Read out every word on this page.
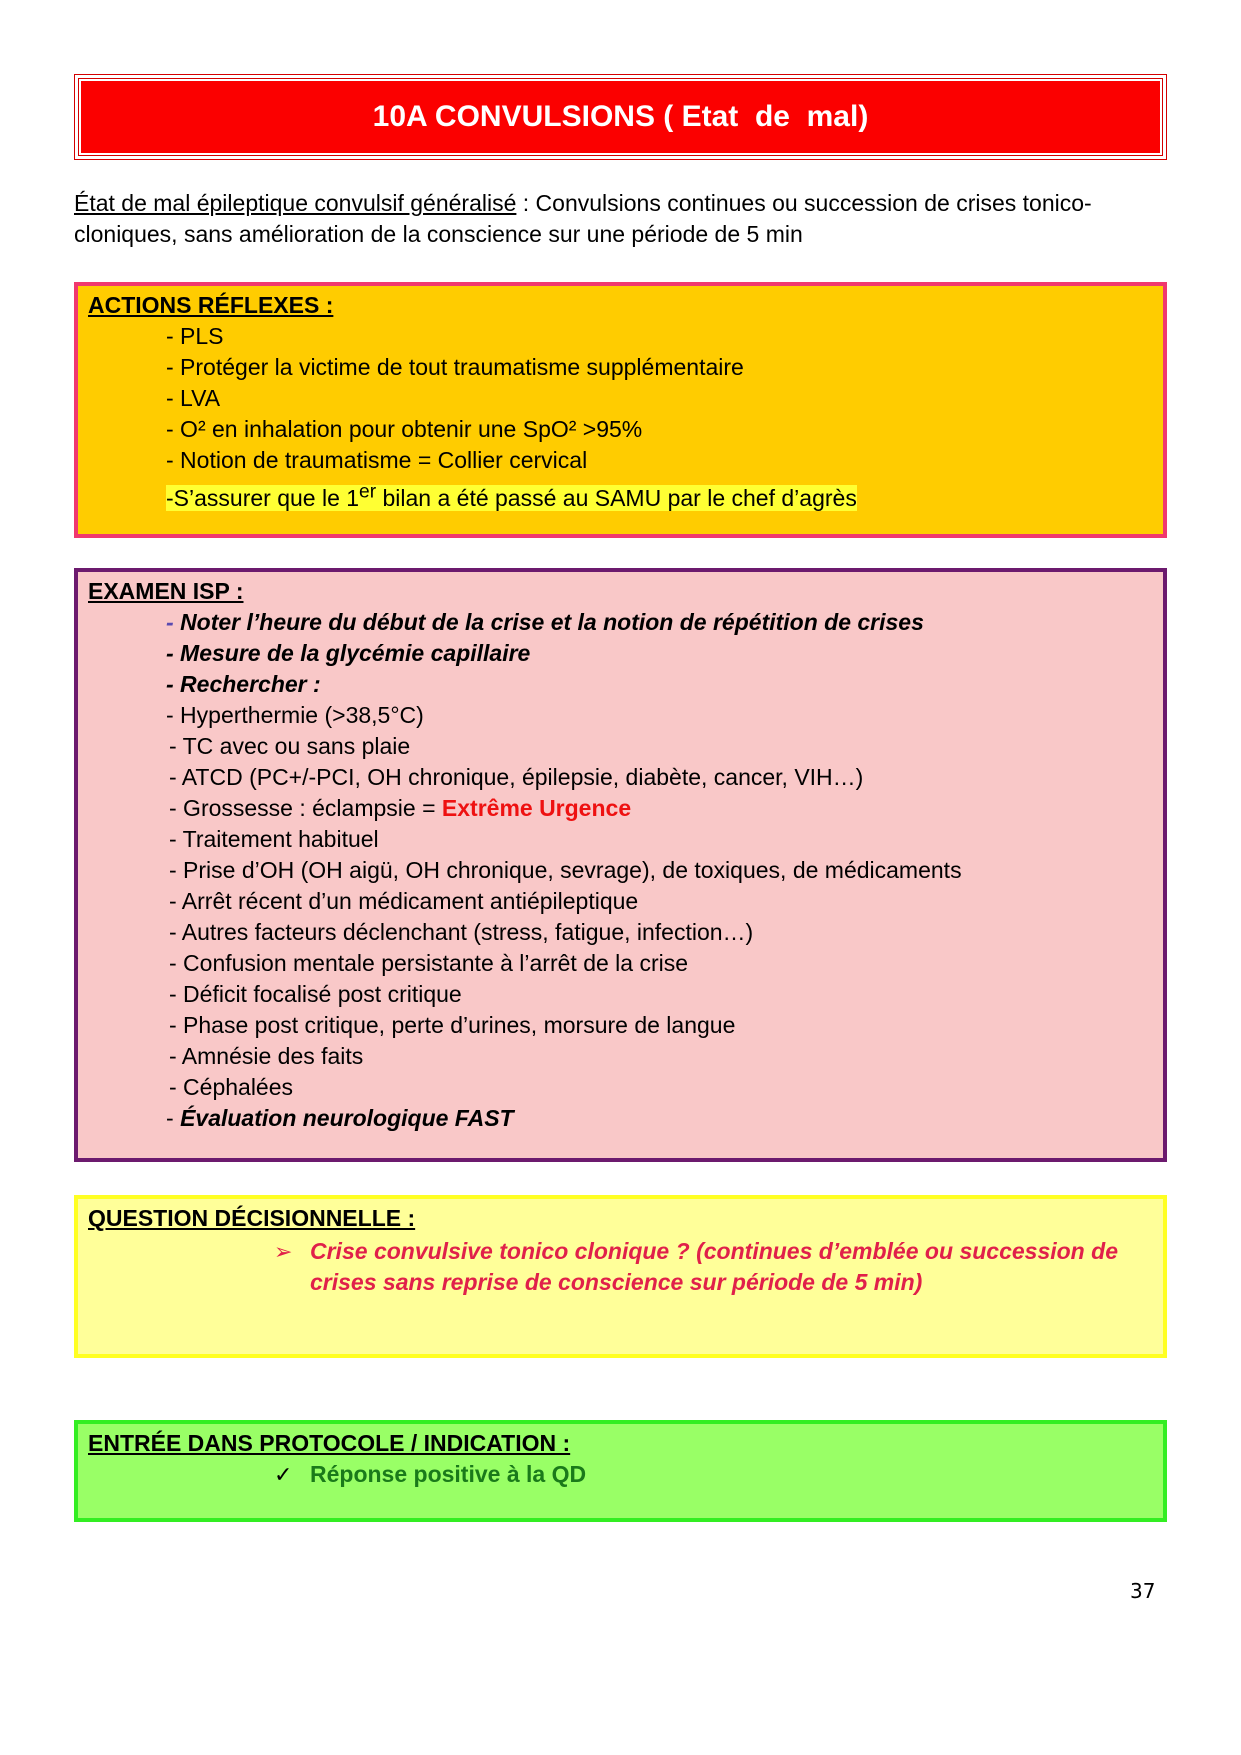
10A CONVULSIONS ( Etat  de  mal)
État de mal épileptique convulsif généralisé : Convulsions continues ou succession de crises tonico-cloniques, sans amélioration de la conscience sur une période de 5 min
ACTIONS RÉFLEXES :
- PLS
- Protéger la victime de tout traumatisme supplémentaire
- LVA
- O² en inhalation pour obtenir une SpO² >95%
- Notion de traumatisme = Collier cervical
-S’assurer que le 1er bilan a été passé au SAMU par le chef d’agrès
EXAMEN ISP :
- Noter l’heure du début de la crise et la notion de répétition de crises
- Mesure de la glycémie capillaire
- Rechercher :
- Hyperthermie (>38,5°C)
- TC avec ou sans plaie
- ATCD (PC+/-PCI, OH chronique, épilepsie, diabète, cancer, VIH…)
- Grossesse : éclampsie = Extrême Urgence
- Traitement habituel
- Prise d’OH (OH aigü, OH chronique, sevrage), de toxiques, de médicaments
- Arrêt récent d’un médicament antiépileptique
- Autres facteurs déclenchant (stress, fatigue, infection…)
- Confusion mentale persistante à l’arrêt de la crise
- Déficit focalisé post critique
- Phase post critique, perte d’urines, morsure de langue
- Amnésie des faits
- Céphalées
- Évaluation neurologique FAST
QUESTION DÉCISIONNELLE :
➢ Crise convulsive tonico clonique ? (continues d’emblée ou succession de crises sans reprise de conscience sur période de 5 min)
ENTRÉE DANS PROTOCOLE / INDICATION :
✓ Réponse positive à la QD
37
